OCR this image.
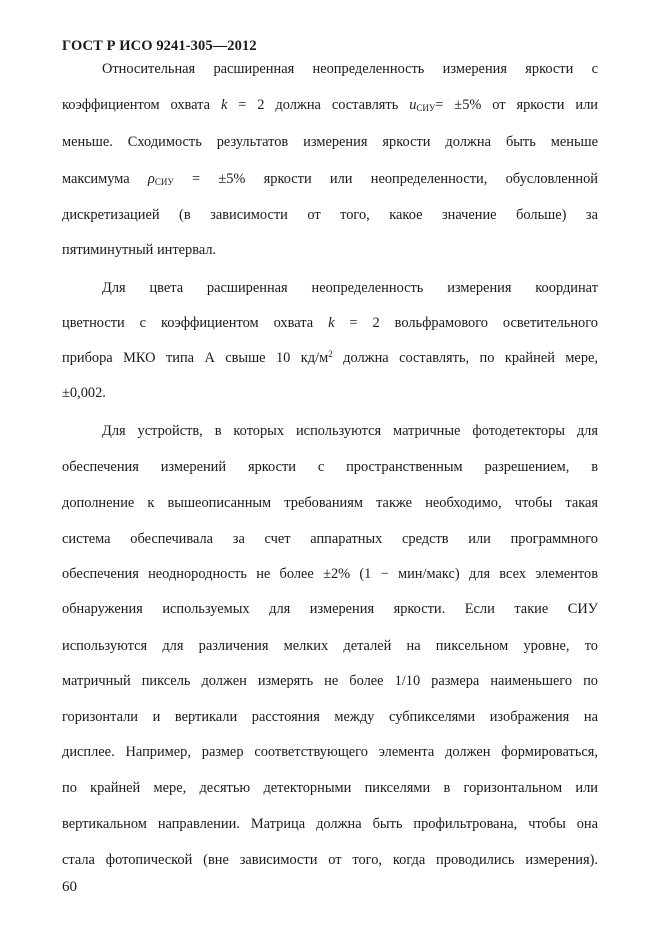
ГОСТ Р ИСО 9241-305—2012
Относительная расширенная неопределенность измерения яркости с
коэффициентом охвата k = 2 должна составлять $u_{СИУ}= \pm 5\%$ от яркости или
меньше. Сходимость результатов измерения яркости должна быть меньше
максимума $\rho_{СИУ} = \pm 5\%$ яркости или неопределенности, обусловленной
дискретизацией (в зависимости от того, какое значение больше) за
пятиминутный интервал.
Для цвета расширенная неопределенность измерения координат
цветности с коэффициентом охвата k = 2 вольфрамового осветительного
прибора МКО типа А свыше 10 $кд/м^2$ должна составлять, по крайней мере,
±0,002.
Для устройств, в которых используются матричные фотодетекторы для
обеспечения измерений яркости с пространственным разрешением, в
дополнение к вышеописанным требованиям также необходимо, чтобы такая
система обеспечивала за счет аппаратных средств или программного
обеспечения неоднородность не более ±2% (1 − мин/макс) для всех элементов
обнаружения используемых для измерения яркости. Если такие СИУ
используются для различения мелких деталей на пиксельном уровне, то
матричный пиксель должен измерять не более 1/10 размера наименьшего по
горизонтали и вертикали расстояния между субпикселями изображения на
дисплее. Например, размер соответствующего элемента должен формироваться,
по крайней мере, десятью детекторными пикселями в горизонтальном или
вертикальном направлении. Матрица должна быть профильтрована, чтобы она
стала фотопической (вне зависимости от того, когда проводились измерения).
60
